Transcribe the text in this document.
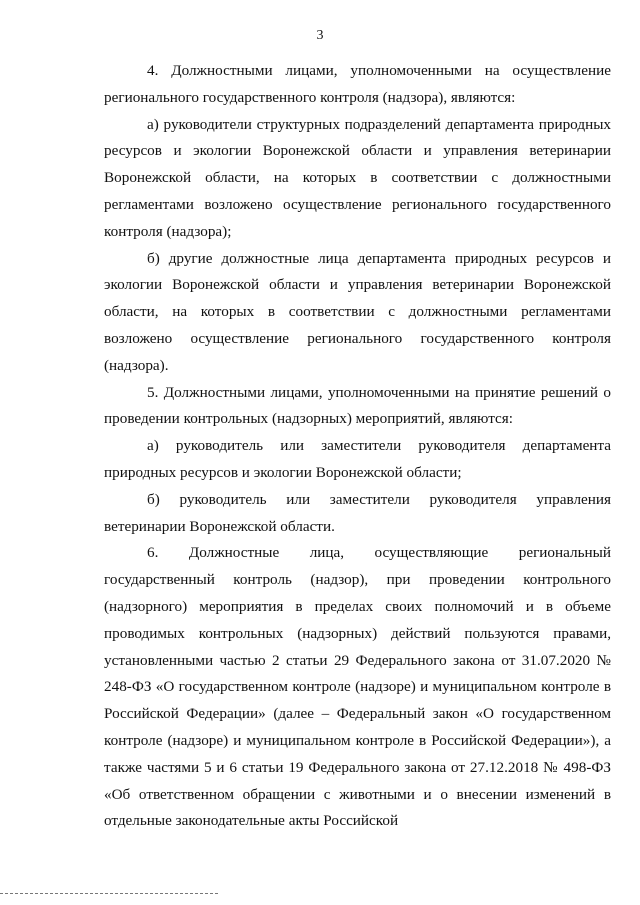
3

4. Должностными лицами, уполномоченными на осуществление регионального государственного контроля (надзора), являются:

а) руководители структурных подразделений департамента природных ресурсов и экологии Воронежской области и управления ветеринарии Воронежской области, на которых в соответствии с должностными регламентами возложено осуществление регионального государственного контроля (надзора);

б) другие должностные лица департамента природных ресурсов и экологии Воронежской области и управления ветеринарии Воронежской области, на которых в соответствии с должностными регламентами возложено осуществление регионального государственного контроля (надзора).

5. Должностными лицами, уполномоченными на принятие решений о проведении контрольных (надзорных) мероприятий, являются:

а) руководитель или заместители руководителя департамента природных ресурсов и экологии Воронежской области;

б) руководитель или заместители руководителя управления ветеринарии Воронежской области.

6. Должностные лица, осуществляющие региональный государственный контроль (надзор), при проведении контрольного (надзорного) мероприятия в пределах своих полномочий и в объеме проводимых контрольных (надзорных) действий пользуются правами, установленными частью 2 статьи 29 Федерального закона от 31.07.2020 № 248-ФЗ «О государственном контроле (надзоре) и муниципальном контроле в Российской Федерации» (далее – Федеральный закон «О государственном контроле (надзоре) и муниципальном контроле в Российской Федерации»), а также частями 5 и 6 статьи 19 Федерального закона от 27.12.2018 № 498-ФЗ «Об ответственном обращении с животными и о внесении изменений в отдельные законодательные акты Российской
